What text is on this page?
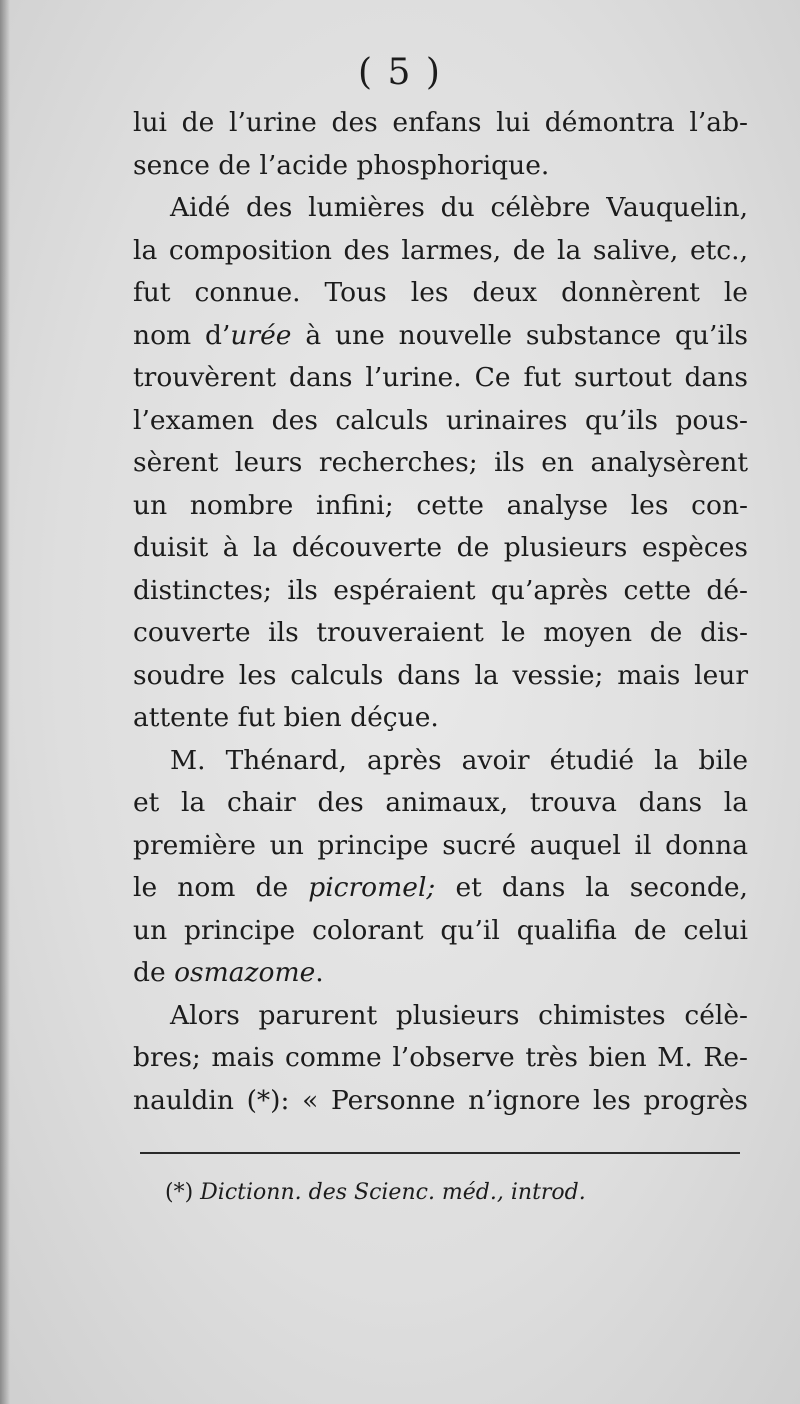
( 5 )
lui de l’urine des enfans lui démontra l’ab-
sence de l’acide phosphorique.
Aidé des lumières du célèbre Vauquelin,
la composition des larmes, de la salive, etc.,
fut connue. Tous les deux donnèrent le
nom d’urée à une nouvelle substance qu’ils
trouvèrent dans l’urine. Ce fut surtout dans
l’examen des calculs urinaires qu’ils pous-
sèrent leurs recherches; ils en analysèrent
un nombre infini; cette analyse les con-
duisit à la découverte de plusieurs espèces
distinctes; ils espéraient qu’après cette dé-
couverte ils trouveraient le moyen de dis-
soudre les calculs dans la vessie; mais leur
attente fut bien déçue.
M. Thénard, après avoir étudié la bile
et la chair des animaux, trouva dans la
première un principe sucré auquel il donna
le nom de picromel; et dans la seconde,
un principe colorant qu’il qualifia de celui
de osmazome.
Alors parurent plusieurs chimistes célè-
bres; mais comme l’observe très bien M. Re-
nauldin (*): « Personne n’ignore les progrès
(*) Dictionn. des Scienc. méd., introd.
